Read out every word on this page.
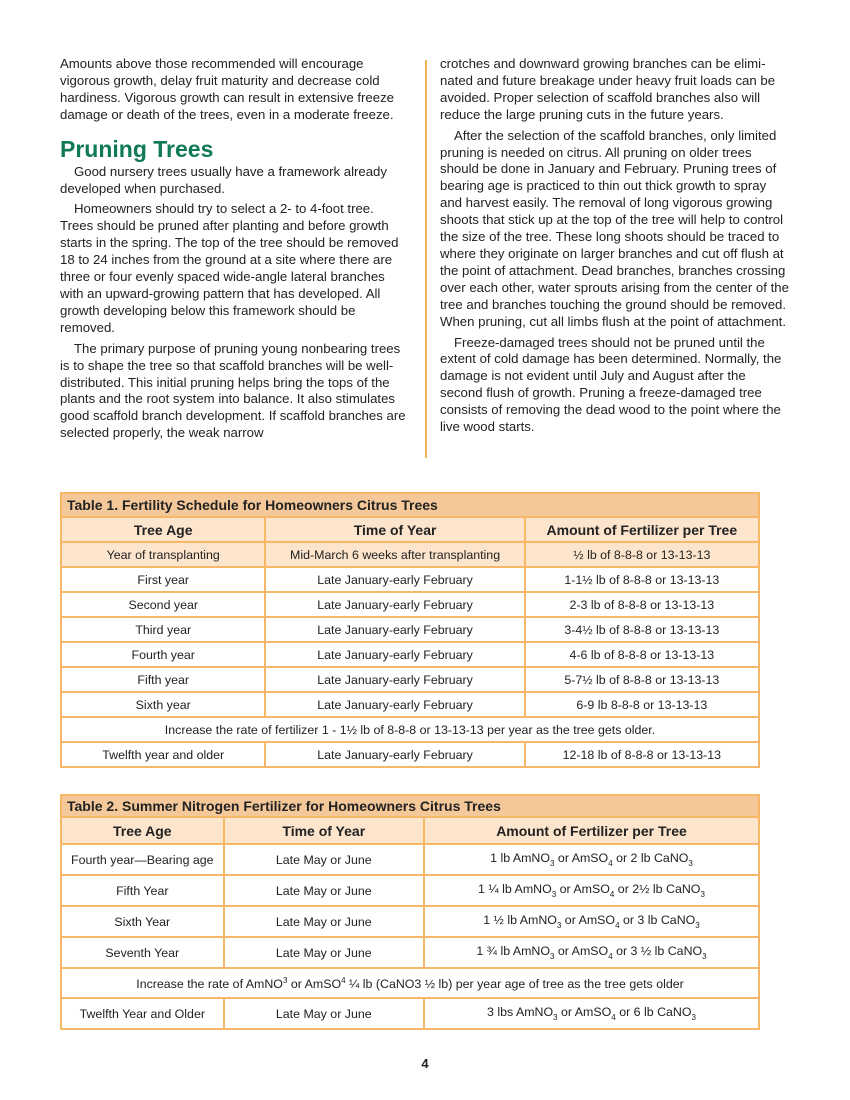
Amounts above those recommended will encourage vigorous growth, delay fruit maturity and decrease cold hardiness. Vigorous growth can result in extensive freeze damage or death of the trees, even in a moderate freeze.

Pruning Trees

Good nursery trees usually have a framework already developed when purchased.

Homeowners should try to select a 2- to 4-foot tree. Trees should be pruned after planting and before growth starts in the spring. The top of the tree should be removed 18 to 24 inches from the ground at a site where there are three or four evenly spaced wide-angle lateral branches with an upward-growing pattern that has developed. All growth developing below this framework should be removed.

The primary purpose of pruning young nonbearing trees is to shape the tree so that scaffold branches will be well-distributed. This initial pruning helps bring the tops of the plants and the root system into balance. It also stimulates good scaffold branch development. If scaffold branches are selected properly, the weak narrow

crotches and downward growing branches can be eliminated and future breakage under heavy fruit loads can be avoided. Proper selection of scaffold branches also will reduce the large pruning cuts in the future years.

After the selection of the scaffold branches, only limited pruning is needed on citrus. All pruning on older trees should be done in January and February. Pruning trees of bearing age is practiced to thin out thick growth to spray and harvest easily. The removal of long vigorous growing shoots that stick up at the top of the tree will help to control the size of the tree. These long shoots should be traced to where they originate on larger branches and cut off flush at the point of attachment. Dead branches, branches crossing over each other, water sprouts arising from the center of the tree and branches touching the ground should be removed. When pruning, cut all limbs flush at the point of attachment.

Freeze-damaged trees should not be pruned until the extent of cold damage has been determined. Normally, the damage is not evident until July and August after the second flush of growth. Pruning a freeze-damaged tree consists of removing the dead wood to the point where the live wood starts.

Table 1. Fertility Schedule for Homeowners Citrus Trees		
Tree Age	Time of Year	Amount of Fertilizer per Tree
Year of transplanting	Mid-March 6 weeks after transplanting	½ lb of 8-8-8 or 13-13-13
First year	Late January-early February	1-1½ lb of 8-8-8 or 13-13-13
Second year	Late January-early February	2-3 lb of 8-8-8 or 13-13-13
Third year	Late January-early February	3-4½ lb of 8-8-8 or 13-13-13
Fourth year	Late January-early February	4-6 lb of 8-8-8 or 13-13-13
Fifth year	Late January-early February	5-7½ lb of 8-8-8 or 13-13-13
Sixth year	Late January-early February	6-9 lb 8-8-8 or 13-13-13
Increase the rate of fertilizer 1 - 1½ lb of 8-8-8 or 13-13-13 per year as the tree gets older.		
Twelfth year and older	Late January-early February	12-18 lb of 8-8-8 or 13-13-13
Table 2. Summer Nitrogen Fertilizer for Homeowners Citrus Trees		
Tree Age	Time of Year	Amount of Fertilizer per Tree
Fourth year—Bearing age	Late May or June	1 lb AmNO$_3$ or AmSO$_4$ or 2 lb CaNO$_3$
Fifth Year	Late May or June	1 ¼ lb AmNO$_3$ or AmSO$_4$ or 2½ lb CaNO$_3$
Sixth Year	Late May or June	1 ½ lb AmNO$_3$ or AmSO$_4$ or 3 lb CaNO$_3$
Seventh Year	Late May or June	1 ¾ lb AmNO$_3$ or AmSO$_4$ or 3 ½ lb CaNO$_3$
Increase the rate of AmNO$^3$ or AmSO$^4$ ¼ lb (CaNO3 ½ lb) per year age of tree as the tree gets older		
Twelfth Year and Older	Late May or June	3 lbs AmNO$_3$ or AmSO$_4$ or 6 lb CaNO$_3$
4
